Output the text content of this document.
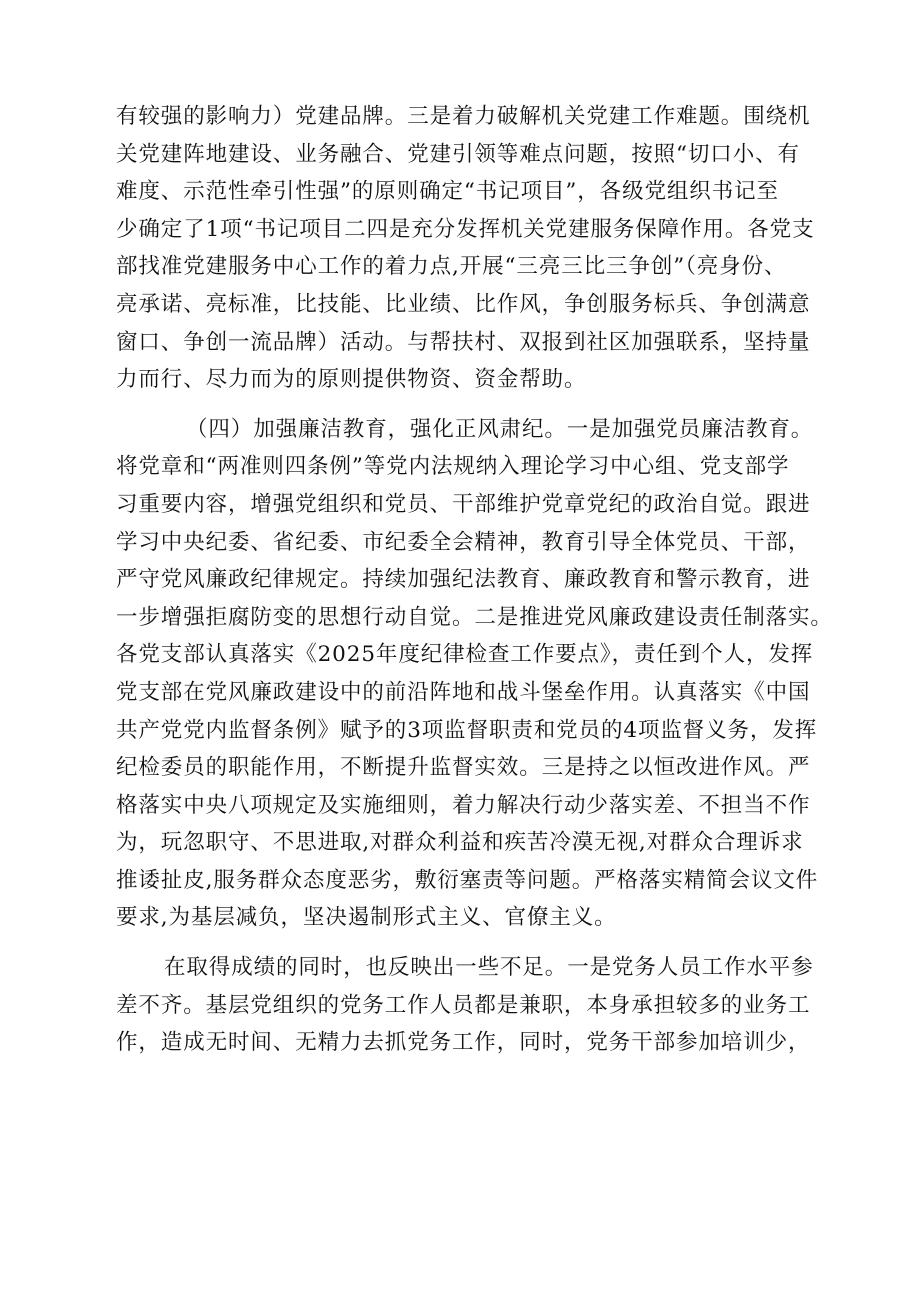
有较强的影响力）党建品牌。三是着力破解机关党建工作难题。围绕机
关党建阵地建设、业务融合、党建引领等难点问题，按照“切口小、有
难度、示范性牵引性强”的原则确定“书记项目”，各级党组织书记至
少确定了1项“书记项目二四是充分发挥机关党建服务保障作用。各党支
部找准党建服务中心工作的着力点,开展“三亮三比三争创”（亮身份、
亮承诺、亮标准，比技能、比业绩、比作风，争创服务标兵、争创满意
窗口、争创一流品牌）活动。与帮扶村、双报到社区加强联系，坚持量
力而行、尽力而为的原则提供物资、资金帮助。

（四）加强廉洁教育，强化正风肃纪。一是加强党员廉洁教育。
将党章和“两准则四条例”等党内法规纳入理论学习中心组、党支部学
习重要内容，增强党组织和党员、干部维护党章党纪的政治自觉。跟进
学习中央纪委、省纪委、市纪委全会精神，教育引导全体党员、干部，
严守党风廉政纪律规定。持续加强纪法教育、廉政教育和警示教育，进
一步增强拒腐防变的思想行动自觉。二是推进党风廉政建设责任制落实。
各党支部认真落实《2025年度纪律检查工作要点》，责任到个人，发挥
党支部在党风廉政建设中的前沿阵地和战斗堡垒作用。认真落实《中国
共产党党内监督条例》赋予的3项监督职责和党员的4项监督义务，发挥
纪检委员的职能作用，不断提升监督实效。三是持之以恒改进作风。严
格落实中央八项规定及实施细则，着力解决行动少落实差、不担当不作
为，玩忽职守、不思进取,对群众利益和疾苦冷漠无视,对群众合理诉求
推诿扯皮,服务群众态度恶劣，敷衍塞责等问题。严格落实精简会议文件
要求,为基层减负，坚决遏制形式主义、官僚主义。

在取得成绩的同时，也反映出一些不足。一是党务人员工作水平参
差不齐。基层党组织的党务工作人员都是兼职，本身承担较多的业务工
作，造成无时间、无精力去抓党务工作，同时，党务干部参加培训少，
